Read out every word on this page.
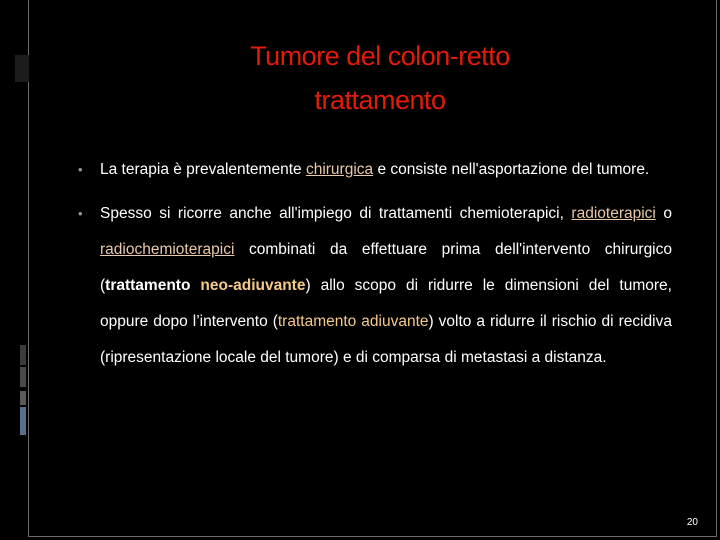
Tumore del colon-retto
trattamento

• La terapia è prevalentemente chirurgica e consiste nell'asportazione del tumore.

• Spesso si ricorre anche all'impiego di trattamenti chemioterapici, radioterapici o radiochemioterapici combinati da effettuare prima dell'intervento chirurgico (trattamento neo-adiuvante) allo scopo di ridurre le dimensioni del tumore, oppure dopo l’intervento (trattamento adiuvante) volto a ridurre il rischio di recidiva (ripresentazione locale del tumore) e di comparsa di metastasi a distanza.

20
